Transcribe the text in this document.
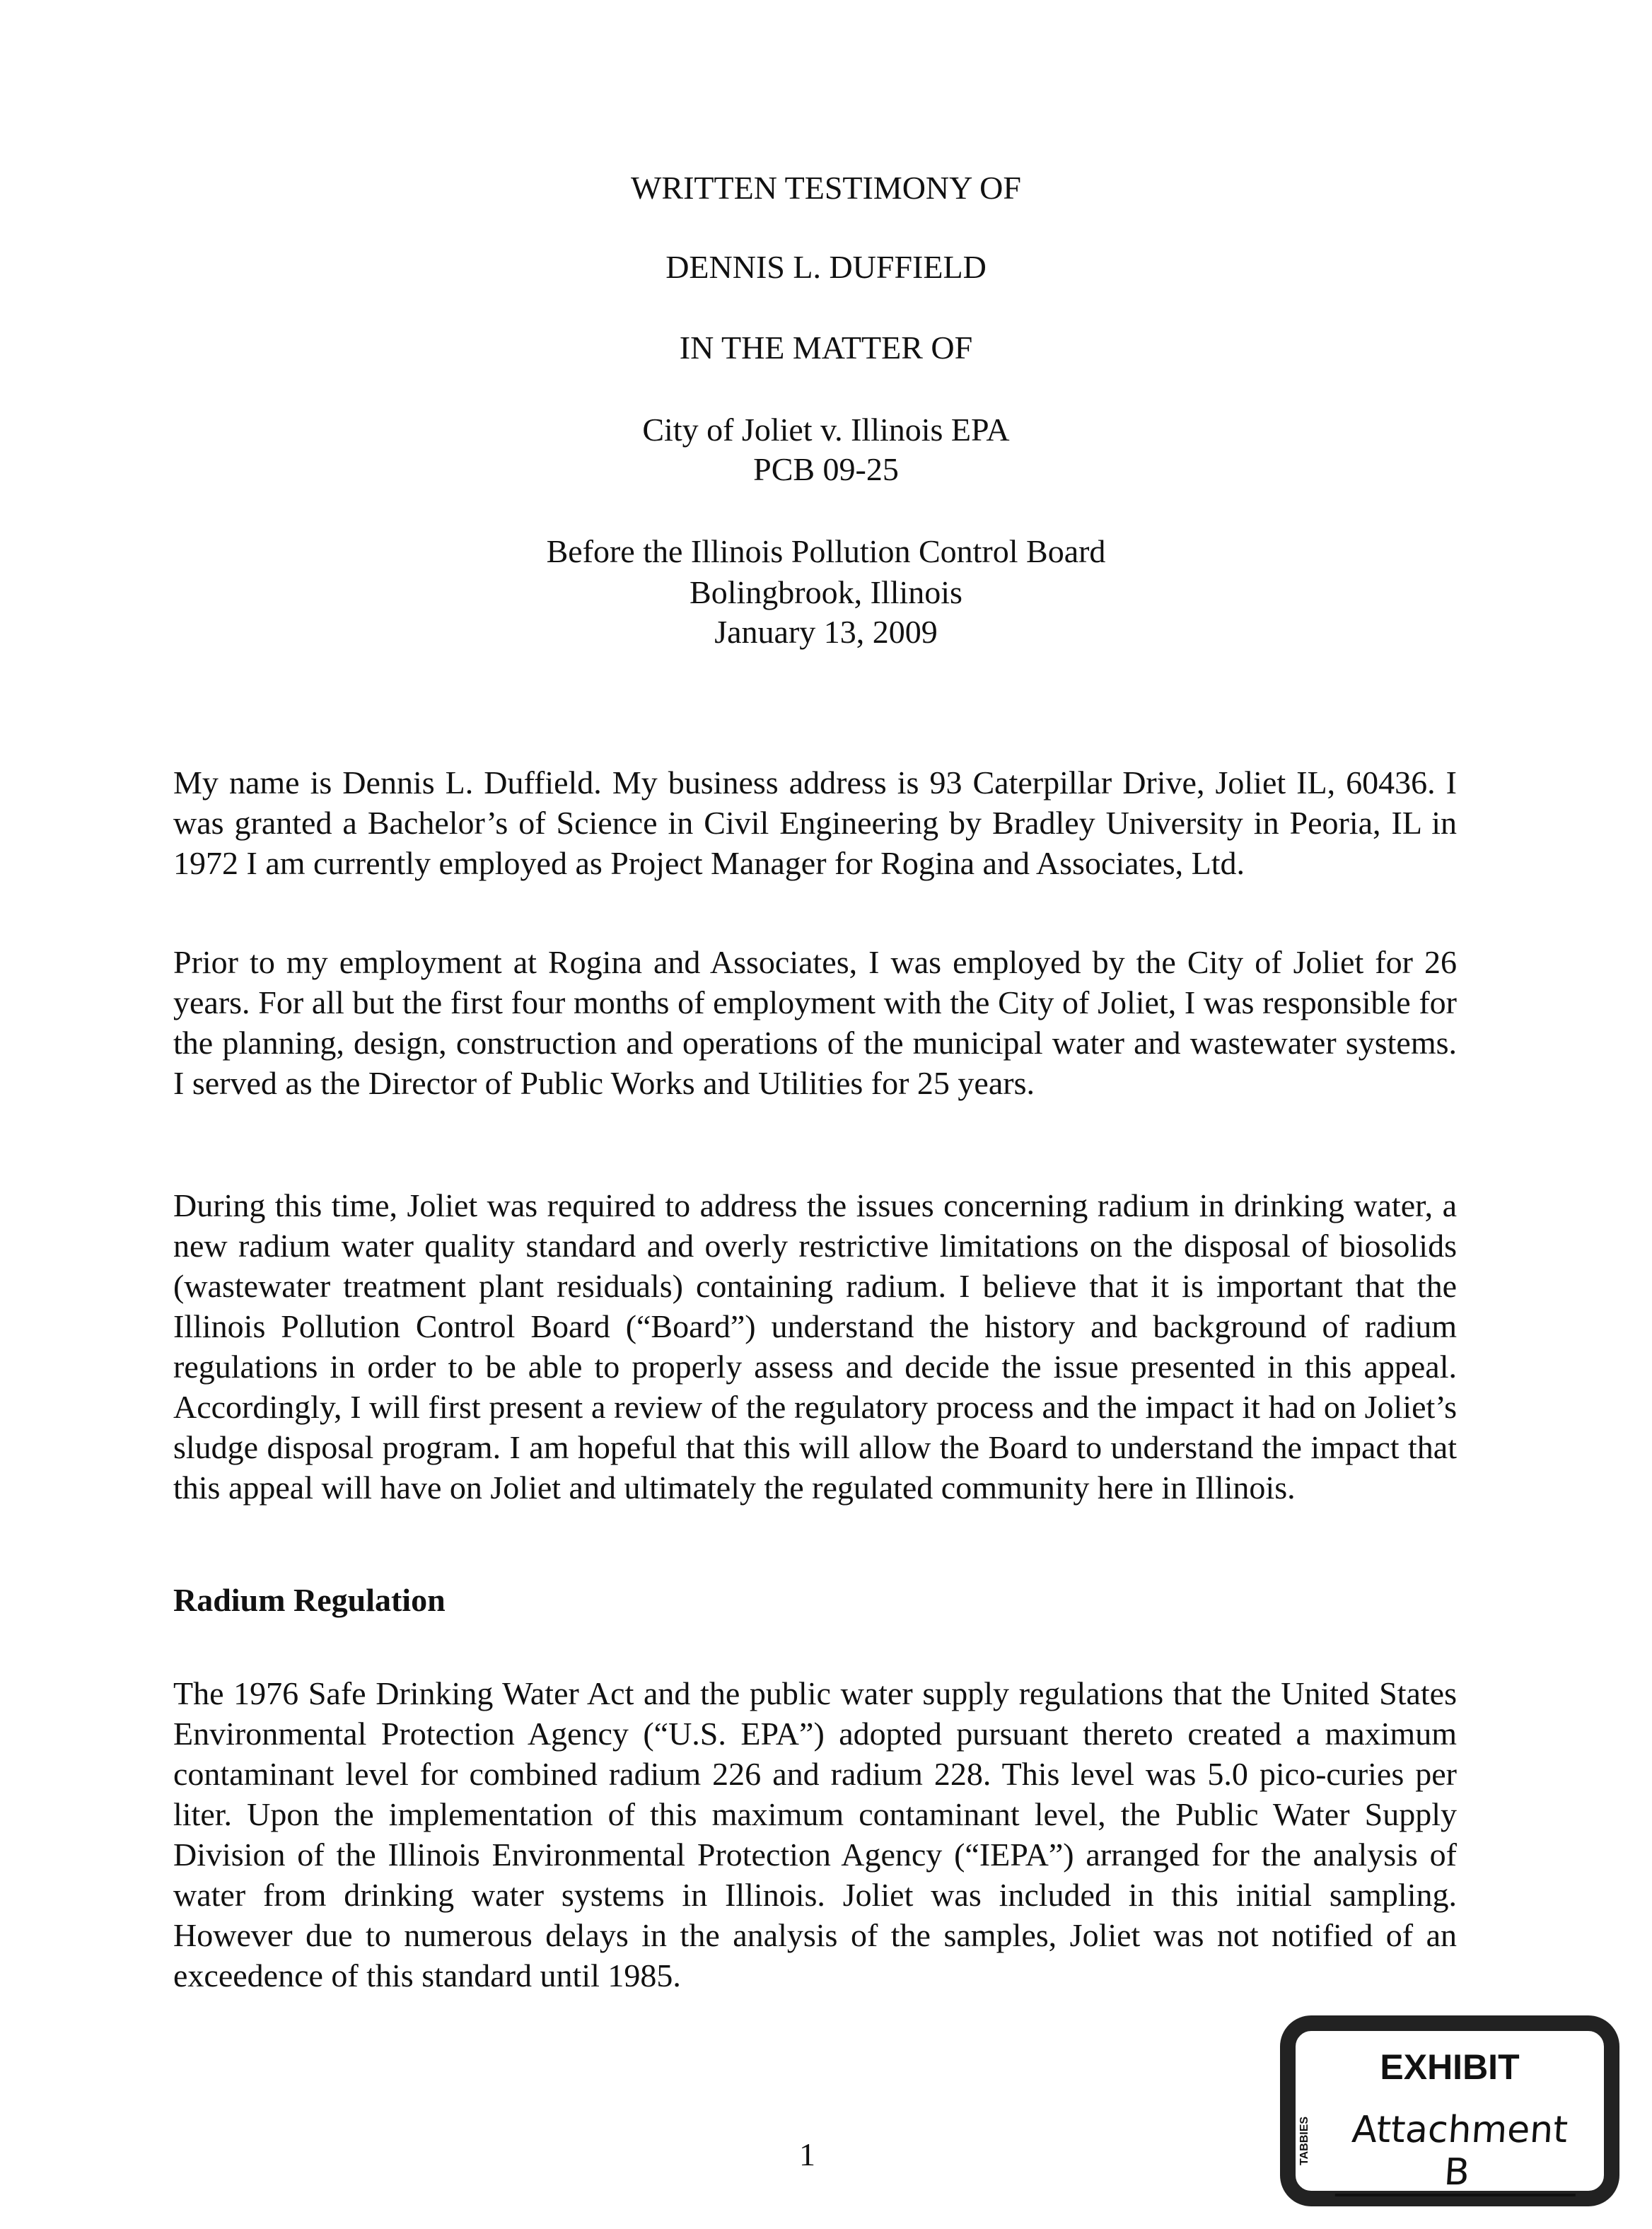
WRITTEN TESTIMONY OF
DENNIS L. DUFFIELD
IN THE MATTER OF
City of Joliet v. Illinois EPA
PCB 09-25
Before the Illinois Pollution Control Board
Bolingbrook, Illinois
January 13, 2009
My name is Dennis L. Duffield. My business address is 93 Caterpillar Drive, Joliet IL, 60436. I was granted a Bachelor’s of Science in Civil Engineering by Bradley University in Peoria, IL in 1972 I am currently employed as Project Manager for Rogina and Associates, Ltd.
Prior to my employment at Rogina and Associates, I was employed by the City of Joliet for 26 years. For all but the first four months of employment with the City of Joliet, I was responsible for the planning, design, construction and operations of the municipal water and wastewater systems. I served as the Director of Public Works and Utilities for 25 years.
During this time, Joliet was required to address the issues concerning radium in drinking water, a new radium water quality standard and overly restrictive limitations on the disposal of biosolids (wastewater treatment plant residuals) containing radium. I believe that it is important that the Illinois Pollution Control Board (“Board”) understand the history and background of radium regulations in order to be able to properly assess and decide the issue presented in this appeal. Accordingly, I will first present a review of the regulatory process and the impact it had on Joliet’s sludge disposal program. I am hopeful that this will allow the Board to understand the impact that this appeal will have on Joliet and ultimately the regulated community here in Illinois.
Radium Regulation
The 1976 Safe Drinking Water Act and the public water supply regulations that the United States Environmental Protection Agency (“U.S. EPA”) adopted pursuant thereto created a maximum contaminant level for combined radium 226 and radium 228. This level was 5.0 pico-curies per liter. Upon the implementation of this maximum contaminant level, the Public Water Supply Division of the Illinois Environmental Protection Agency (“IEPA”) arranged for the analysis of water from drinking water systems in Illinois. Joliet was included in this initial sampling. However due to numerous delays in the analysis of the samples, Joliet was not notified of an exceedence of this standard until 1985.
1
EXHIBIT
TABBIES	Attachment B
